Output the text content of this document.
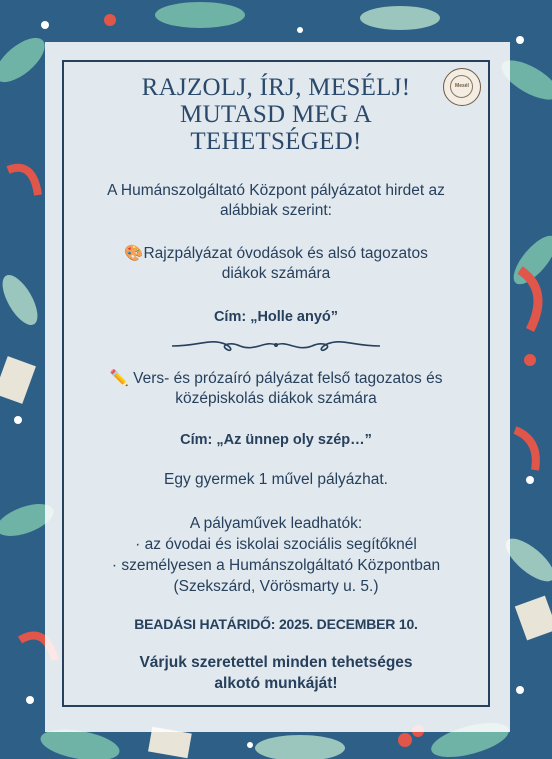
Mesél
RAJZOLJ, ÍRJ, MESÉLJ!
MUTASD MEG A
TEHETSÉGED!
A Humánszolgáltató Központ pályázatot hirdet az
alábbiak szerint:
🎨Rajzpályázat óvodások és alsó tagozatos
diákok számára
Cím: „Holle anyó”
✏️ Vers- és prózaíró pályázat felső tagozatos és
középiskolás diákok számára
Cím: „Az ünnep oly szép…”
Egy gyermek 1 művel pályázhat.
A pályaművek leadhatók:
· az óvodai és iskolai szociális segítőknél
· személyesen a Humánszolgáltató Központban
(Szekszárd, Vörösmarty u. 5.)
BEADÁSI HATÁRIDŐ: 2025. DECEMBER 10.
Várjuk szeretettel minden tehetséges
alkotó munkáját!
